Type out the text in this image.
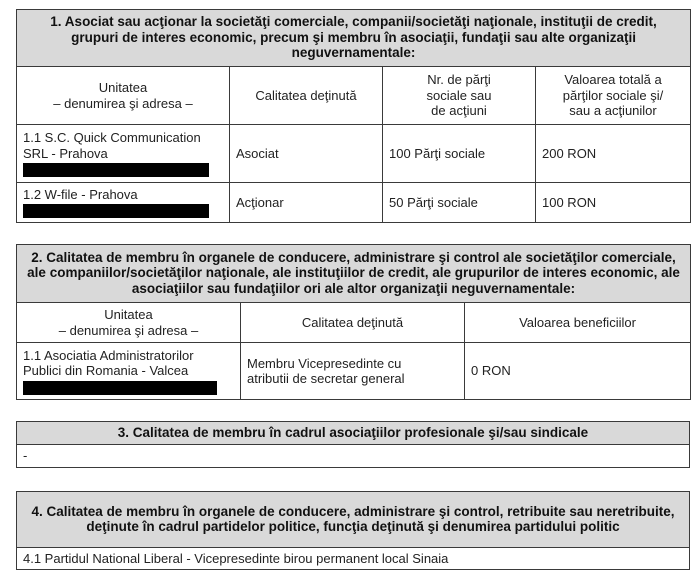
1. Asociat sau acţionar la societăţi comerciale, companii/societăţi naţionale, instituţii de credit, grupuri de interes economic, precum şi membru în asociaţii, fundaţii sau alte organizaţii neguvernamentale:			
Unitatea
– denumirea şi adresa –	Calitatea deţinută	Nr. de părţi
sociale sau
de acţiuni	Valoarea totală a
părţilor sociale şi/
sau a acţiunilor
1.1 S.C. Quick Communication
SRL - Prahova	Asociat	100 Părţi sociale	200 RON
1.2 W-file - Prahova	Acţionar	50 Părţi sociale	100 RON
2. Calitatea de membru în organele de conducere, administrare şi control ale societăţilor comerciale, ale companiilor/societăţilor naţionale, ale instituţiilor de credit, ale grupurilor de interes economic, ale asociaţiilor sau fundaţiilor ori ale altor organizaţii neguvernamentale:		
Unitatea
– denumirea şi adresa –	Calitatea deţinută	Valoarea beneficiilor
1.1 Asociatia Administratorilor
Publici din Romania - Valcea	Membru Vicepresedinte cu
atributii de secretar general	0 RON
3. Calitatea de membru în cadrul asociaţiilor profesionale şi/sau sindicale
-
4. Calitatea de membru în organele de conducere, administrare şi control, retribuite sau neretribuite, deţinute în cadrul partidelor politice, funcţia deţinută şi denumirea partidului politic
4.1 Partidul National Liberal - Vicepresedinte birou permanent local Sinaia
